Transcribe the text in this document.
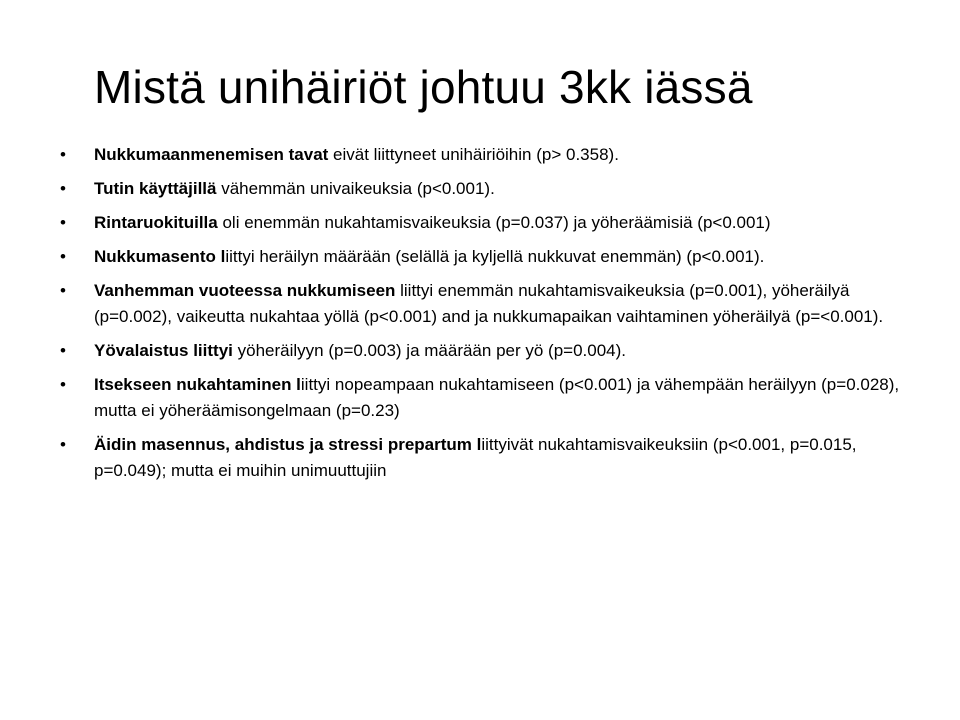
Mistä unihäiriöt johtuu 3kk iässä
• Nukkumaanmenemisen tavat eivät liittyneet unihäiriöihin (p> 0.358).
• Tutin käyttäjillä vähemmän univaikeuksia (p<0.001).
• Rintaruokituilla oli enemmän nukahtamisvaikeuksia (p=0.037) ja yöheräämisiä (p<0.001)
• Nukkumasento liittyi heräilyn määrään (selällä ja kyljellä nukkuvat enemmän) (p<0.001).
• Vanhemman vuoteessa nukkumiseen liittyi enemmän nukahtamisvaikeuksia (p=0.001), yöheräilyä (p=0.002), vaikeutta nukahtaa yöllä (p<0.001) and ja nukkumapaikan vaihtaminen yöheräilyä (p=<0.001).
• Yövalaistus liittyi yöheräilyyn (p=0.003) ja määrään per yö (p=0.004).
• Itsekseen nukahtaminen liittyi nopeampaan nukahtamiseen (p<0.001) ja vähempään heräilyyn (p=0.028), mutta ei yöheräämisongelmaan (p=0.23)
• Äidin masennus, ahdistus ja stressi prepartum liittyivät nukahtamisvaikeuksiin (p<0.001, p=0.015, p=0.049); mutta ei muihin unimuuttujiin
